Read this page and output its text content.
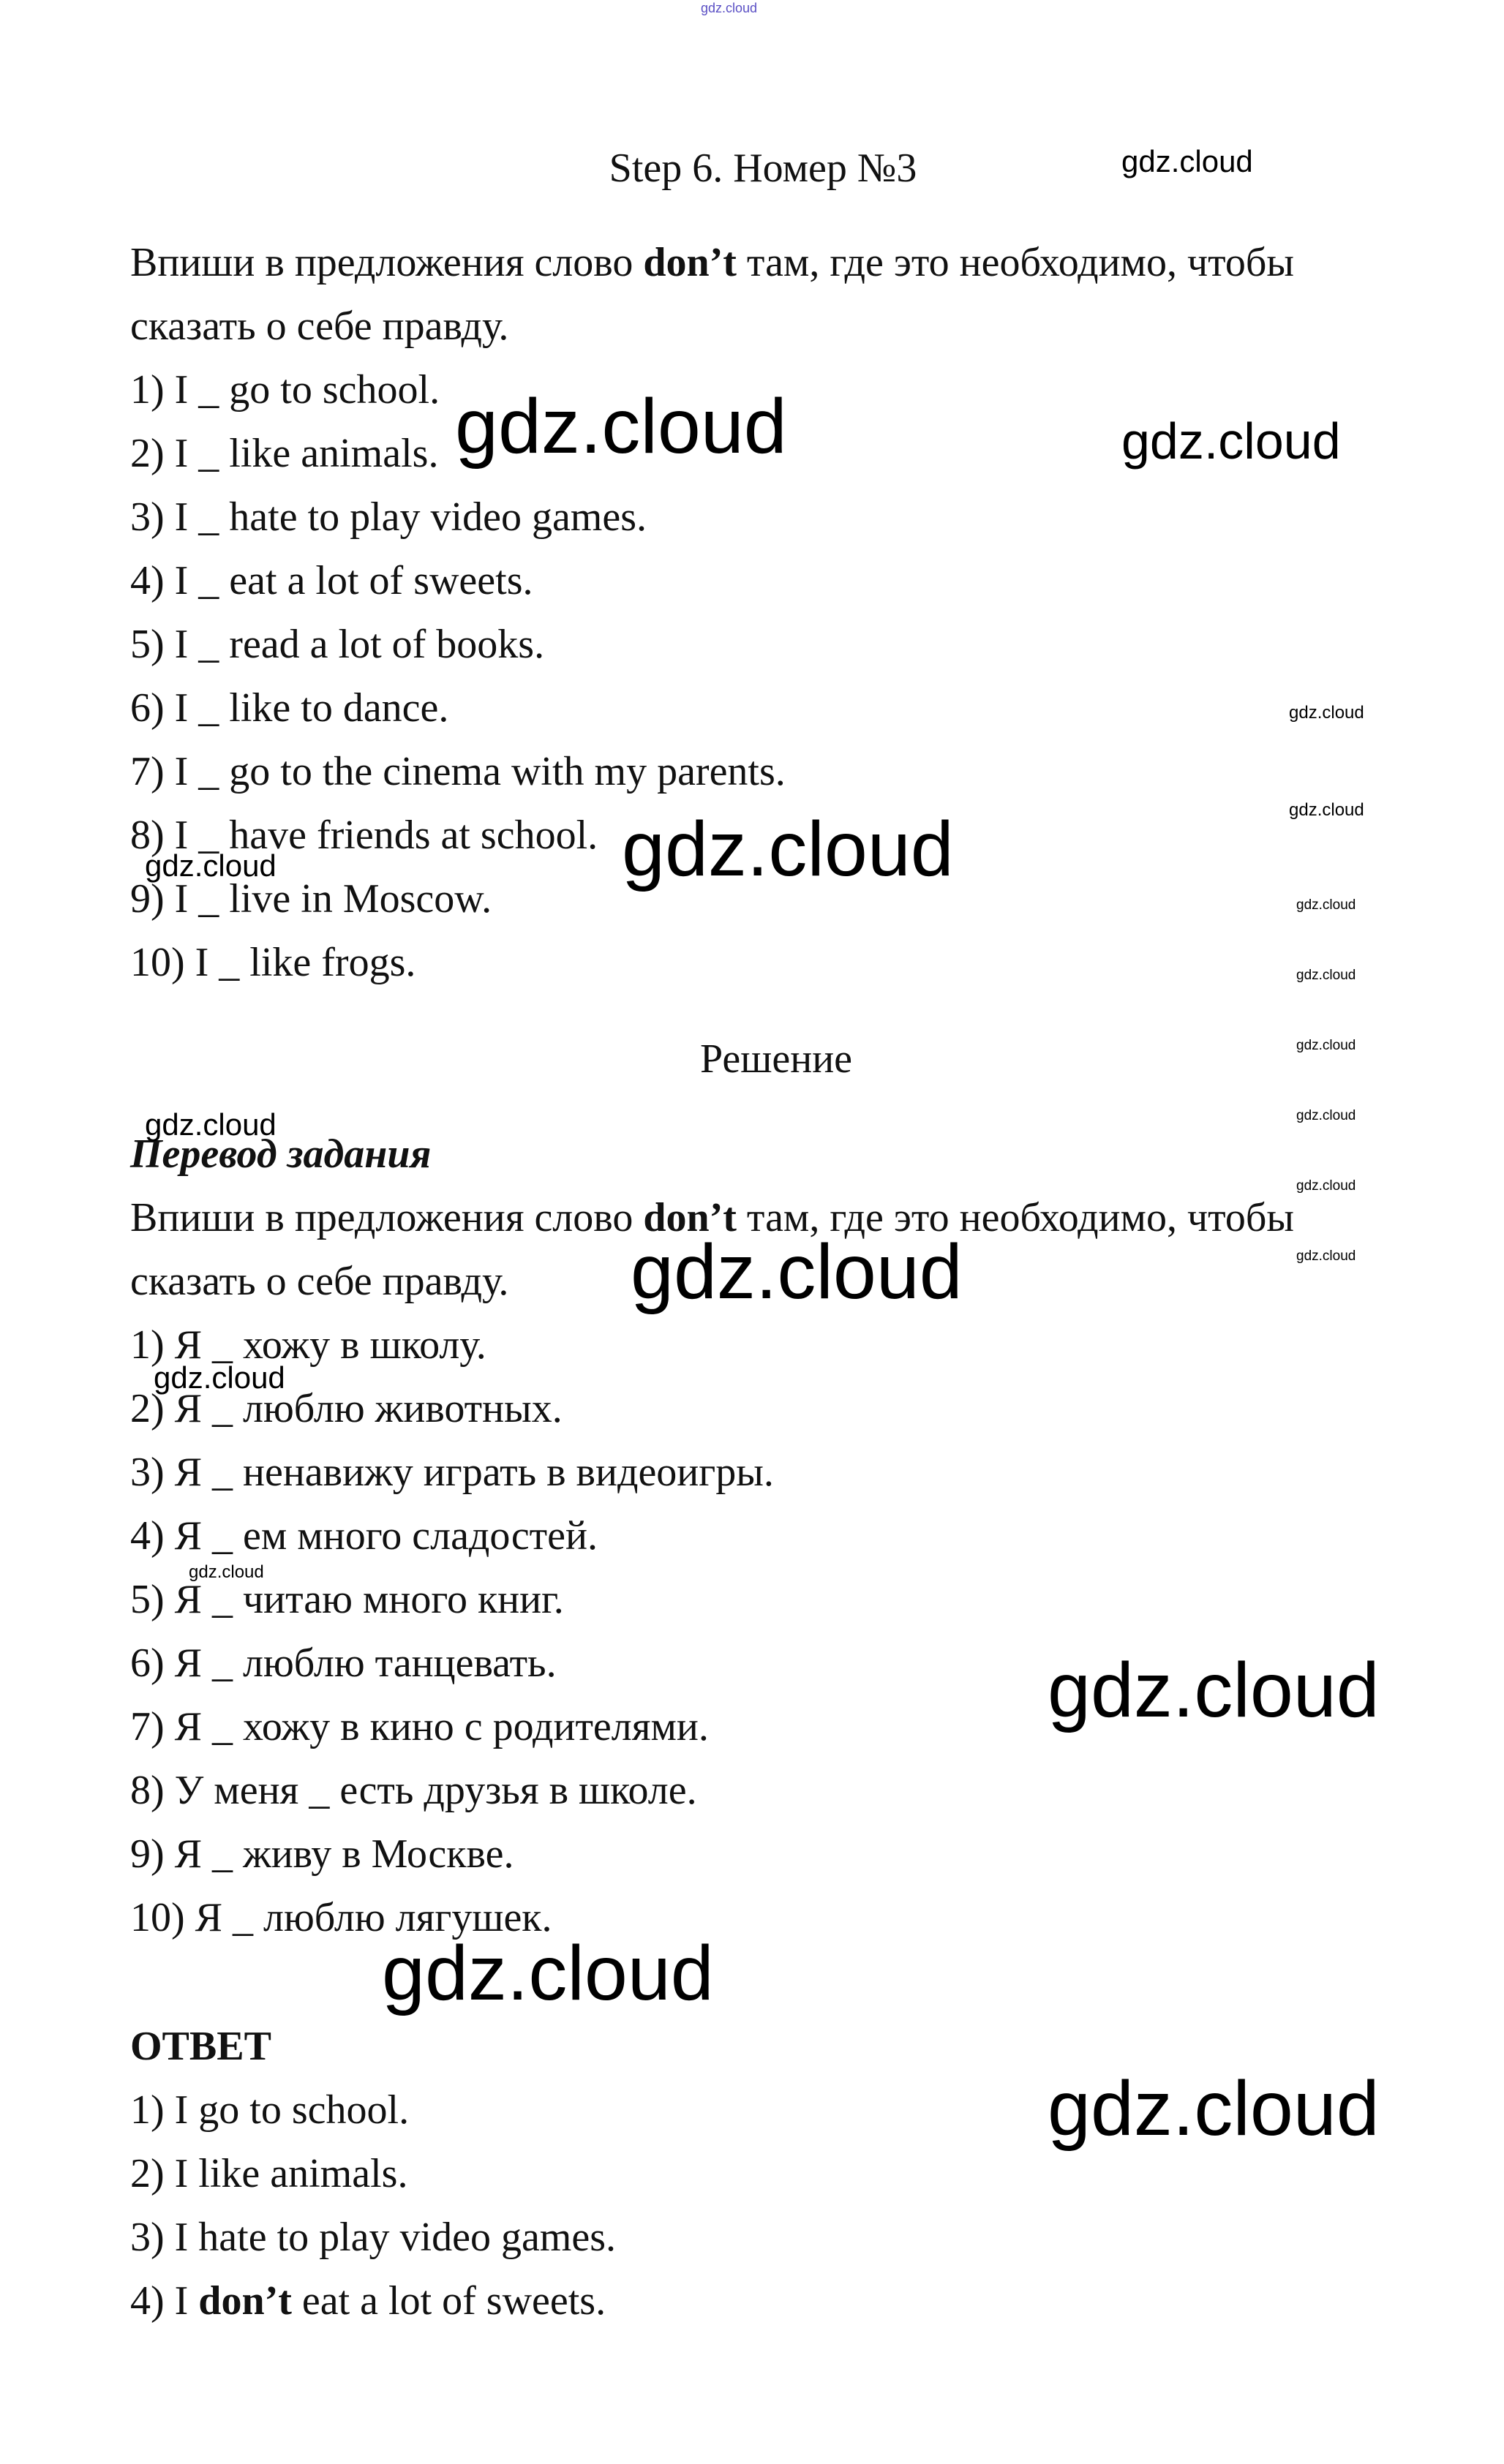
gdz.cloud
Step 6. Номер №3
Впиши в предложения слово don’t там, где это необходимо, чтобы
сказать о себе правду.
1) I _ go to school.
2) I _ like animals.
3) I _ hate to play video games.
4) I _ eat a lot of sweets.
5) I _ read a lot of books.
6) I _ like to dance.
7) I _ go to the cinema with my parents.
8) I _ have friends at school.
9) I _ live in Moscow.
10) I _ like frogs.
Решение
Перевод задания
Впиши в предложения слово don’t там, где это необходимо, чтобы
сказать о себе правду.
1) Я _ хожу в школу.
2) Я _ люблю животных.
3) Я _ ненавижу играть в видеоигры.
4) Я _ ем много сладостей.
5) Я _ читаю много книг.
6) Я _ люблю танцевать.
7) Я _ хожу в кино с родителями.
8) У меня _ есть друзья в школе.
9) Я _ живу в Москве.
10) Я _ люблю лягушек.
ОТВЕТ
1) I go to school.
2) I like animals.
3) I hate to play video games.
4) I don’t eat a lot of sweets.
gdz.cloud
gdz.cloud	gdz.cloud
gdz.cloud
gdz.cloud
gdz.cloud
gdz.cloud
gdz.cloud
gdz.cloud
gdz.cloud
gdz.cloud	gdz.cloud
gdz.cloud
gdz.cloud
gdz.cloud
gdz.cloud
gdz.cloud
gdz.cloud
gdz.cloud
gdz.cloud
